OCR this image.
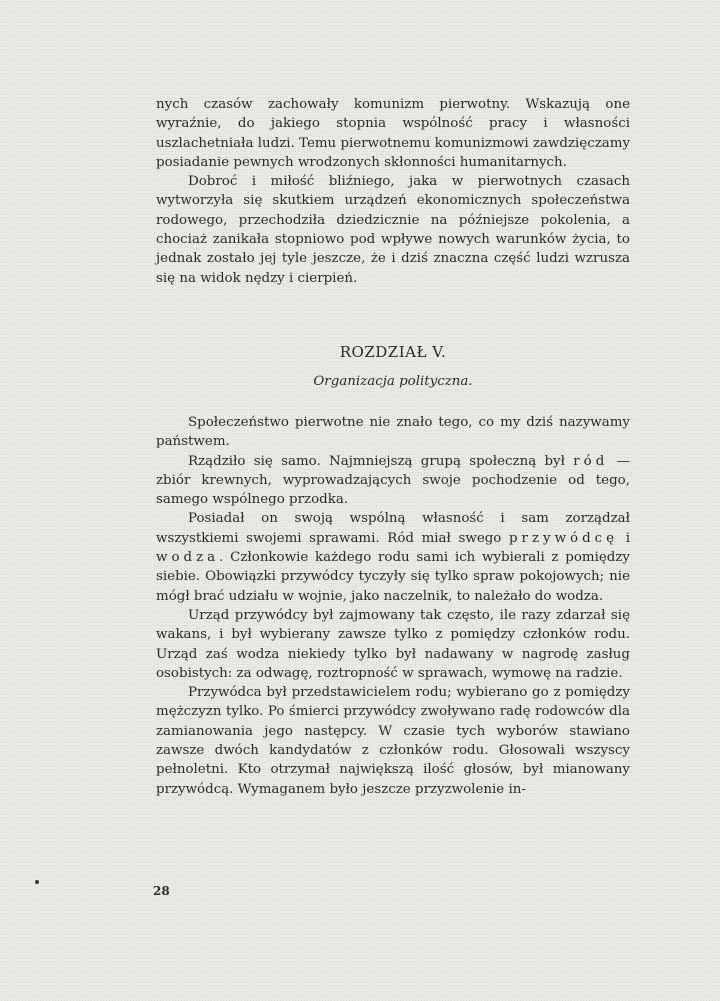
nych czasów zachowały komunizm pierwotny. Wskazują one wyraźnie, do jakiego stopnia wspólność pracy i własności uszlachetniała ludzi. Temu pierwotnemu komunizmowi zawdzięczamy posiadanie pewnych wrodzonych skłonności humanitarnych.

Dobroć i miłość bliźniego, jaka w pierwotnych czasach wytworzyła się skutkiem urządzeń ekonomicznych społeczeństwa rodowego, przechodziła dziedzicznie na późniejsze pokolenia, a chociaż zanikała stopniowo pod wpływe nowych warunków życia, to jednak zostało jej tyle jeszcze, że i dziś znaczna część ludzi wzrusza się na widok nędzy i cierpień.

ROZDZIAŁ V.
Organizacja polityczna.

Społeczeństwo pierwotne nie znało tego, co my dziś nazywamy państwem.

Rządziło się samo. Najmniejszą grupą społeczną był ród — zbiór krewnych, wyprowadzających swoje pochodzenie od tego, samego wspólnego przodka.

Posiadał on swoją wspólną własność i sam zorządzał wszystkiemi swojemi sprawami. Ród miał swego przywódcę i wodza. Członkowie każdego rodu sami ich wybierali z pomiędzy siebie. Obowiązki przywódcy tyczyły się tylko spraw pokojowych; nie mógł brać udziału w wojnie, jako naczelnik, to należało do wodza.

Urząd przywódcy był zajmowany tak często, ile razy zdarzał się wakans, i był wybierany zawsze tylko z pomiędzy członków rodu. Urząd zaś wodza niekiedy tylko był nadawany w nagrodę zasług osobistych: za odwagę, roztropność w sprawach, wymowę na radzie.

Przywódca był przedstawicielem rodu; wybierano go z pomiędzy mężczyzn tylko. Po śmierci przywódcy zwoływano radę rodowców dla zamianowania jego następcy. W czasie tych wyborów stawiano zawsze dwóch kandydatów z członków rodu. Głosowali wszyscy pełnoletni. Kto otrzymał największą ilość głosów, był mianowany przywódcą. Wymaganem było jeszcze przyzwolenie in-

28
